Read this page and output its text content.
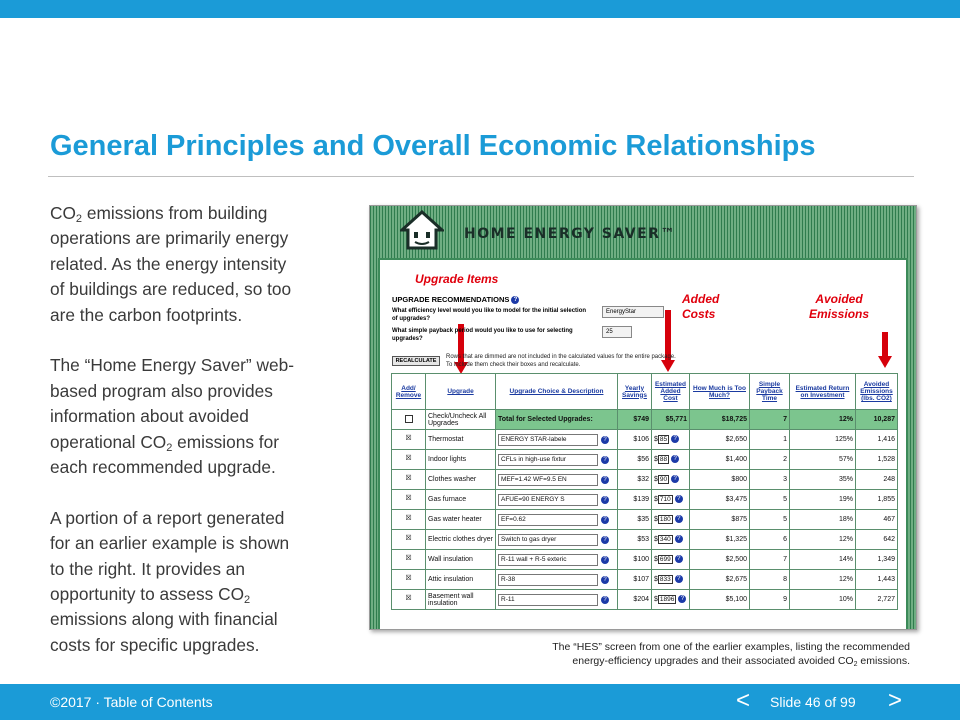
General Principles and Overall Economic Relationships

$CO_2$ emissions from building
operations are primarily energy
related. As the energy intensity
of buildings are reduced, so too
are the carbon footprints.

The “Home Energy Saver” web-
based program also provides
information about avoided
operational $CO_2$ emissions for
each recommended upgrade.

A portion of a report generated
for an earlier example is shown
to the right. It provides an
opportunity to assess $CO_2$
emissions along with financial
costs for specific upgrades.

HOME ENERGY SAVER™
Upgrade Items
Added
Costs
Avoided
Emissions
UPGRADE RECOMMENDATIONS ?
What efficiency level would you like to model for the initial selection of upgrades?
EnergyStar
What simple payback period would you like to use for selecting upgrades?
25
RECALCULATE
Rows that are dimmed are not included in the calculated values for the entire package.
To include them check their boxes and recalculate.
Add/ Remove	Upgrade	Upgrade Choice & Description	Yearly Savings	Estimated Added Cost	How Much is Too Much?	Simple Payback Time	Estimated Return on Investment	Avoided Emissions (lbs. CO2)
	Check/Uncheck All Upgrades	Total for Selected Upgrades:	$749	$5,771	$18,725	7	12%	10,287
☒	Thermostat	ENERGY STAR-labele ?	$106	$ 85 ?	$2,650	1	125%	1,416
☒	Indoor lights	CFLs in high-use fixtur ?	$56	$ 88 ?	$1,400	2	57%	1,528
☒	Clothes washer	MEF=1.42 WF=9.5 EN ?	$32	$ 90 ?	$800	3	35%	248
☒	Gas furnace	AFUE=90 ENERGY S ?	$139	$ 710 ?	$3,475	5	19%	1,855
☒	Gas water heater	EF=0.62 ?	$35	$ 180 ?	$875	5	18%	467
☒	Electric clothes dryer	Switch to gas dryer ?	$53	$ 340 ?	$1,325	6	12%	642
☒	Wall insulation	R-11 wall + R-5 exteric ?	$100	$ 699 ?	$2,500	7	14%	1,349
☒	Attic insulation	R-38 ?	$107	$ 833 ?	$2,675	8	12%	1,443
☒	Basement wall insulation	R-11 ?	$204	$ 1896 ?	$5,100	9	10%	2,727
The “HES” screen from one of the earlier examples, listing the recommended
energy-efficiency upgrades and their associated avoided $CO_2$ emissions.
©2017 · Table of Contents	< Slide 46 of 99 >
